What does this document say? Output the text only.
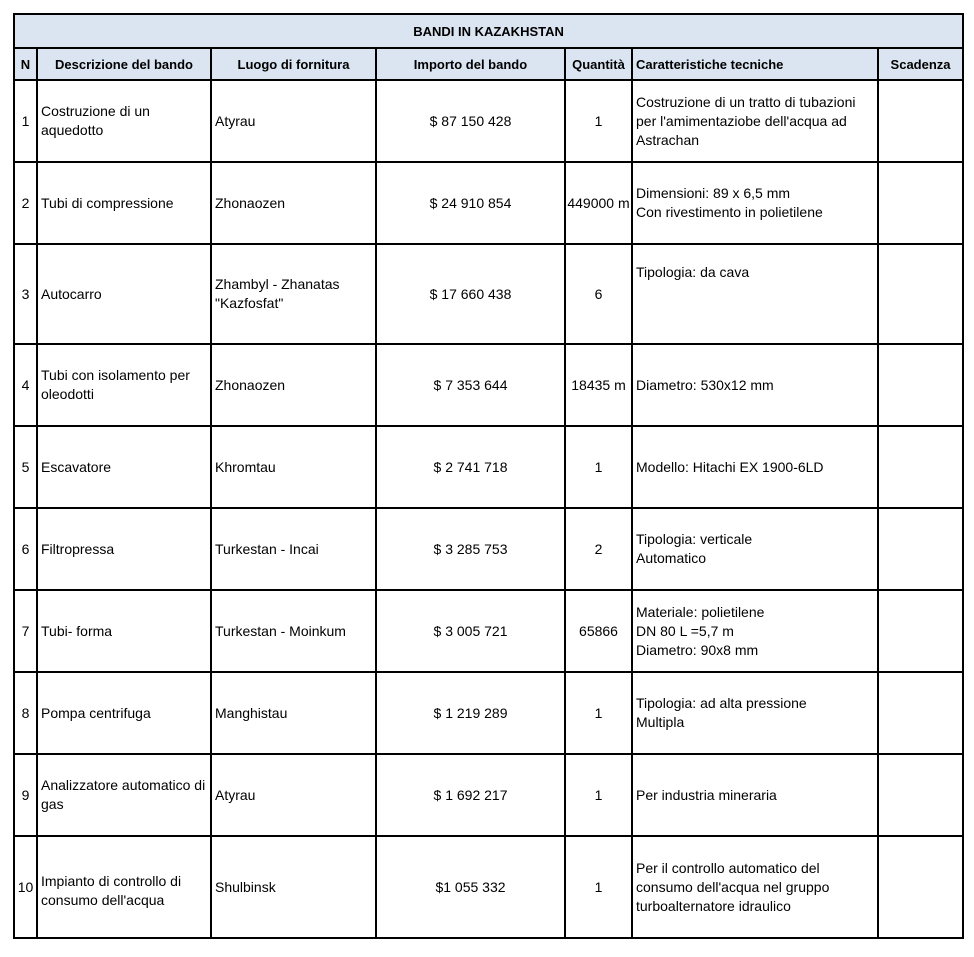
BANDI IN KAZAKHSTAN						
N	Descrizione del bando	Luogo di fornitura	Importo del bando	Quantità	Caratteristiche tecniche	Scadenza
1	Costruzione di un aquedotto	Atyrau	$ 87 150 428	1	Costruzione di un tratto di tubazioni per l'amimentaziobe dell'acqua ad Astrachan	
2	Tubi di compressione	Zhonaozen	$ 24 910 854	449000 m	Dimensioni: 89 x 6,5 mm
Con rivestimento in polietilene	
3	Autocarro	Zhambyl - Zhanatas "Kazfosfat"	$ 17 660 438	6	Tipologia: da cava	
4	Tubi con isolamento per oleodotti	Zhonaozen	$ 7 353 644	18435 m	Diametro: 530x12 mm	
5	Escavatore	Khromtau	$ 2 741 718	1	Modello: Hitachi EX 1900-6LD	
6	Filtropressa	Turkestan - Incai	$ 3 285 753	2	Tipologia: verticale
Automatico	
7	Tubi- forma	Turkestan - Moinkum	$ 3 005 721	65866	Materiale: polietilene
DN 80 L =5,7 m
Diametro: 90x8 mm	
8	Pompa centrifuga	Manghistau	$ 1 219 289	1	Tipologia: ad alta pressione
Multipla	
9	Analizzatore automatico di gas	Atyrau	$ 1 692 217	1	Per industria mineraria	
10	Impianto di controllo di consumo dell'acqua	Shulbinsk	$1 055 332	1	Per il controllo automatico del consumo dell'acqua nel gruppo turboalternatore idraulico	
